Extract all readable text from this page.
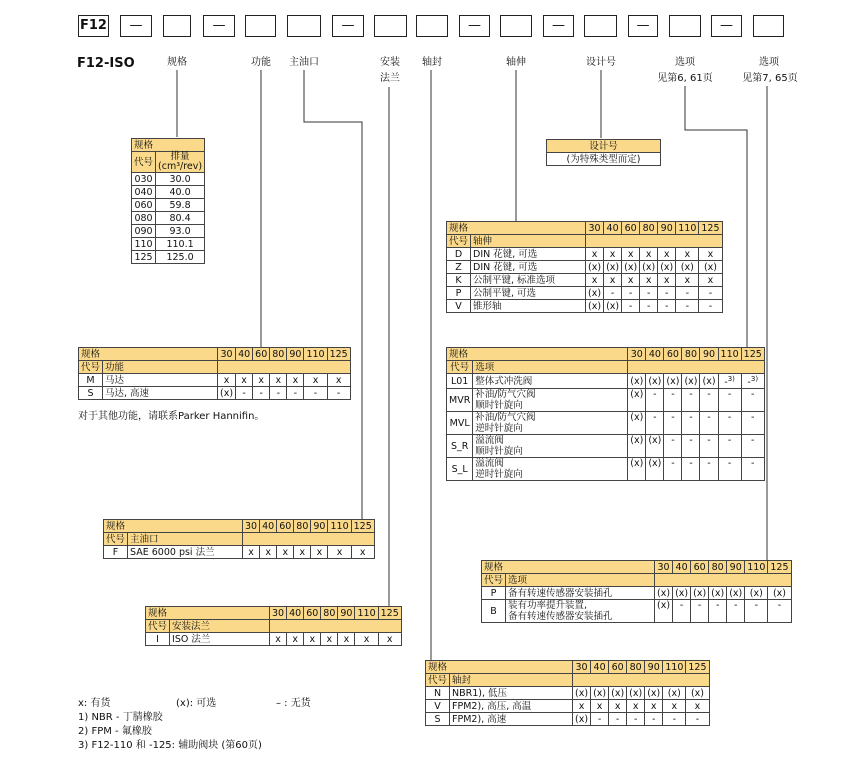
F12	—	—	—	—	—	—	—
F12-ISO	规格	功能	主油口	安装
法兰
轴封	轴伸	设计号	选项
见第6, 61页
选项
见第7, 65页
规格	
代号	排量
(cm³/rev)

030	30.0
040	40.0
060	59.8
080	80.4
090	93.0
110	110.1
125	125.0
设计号
(为特殊类型而定)
规格		30	40	60	80	90	110	125
代号	功能							
M	马达	x	x	x	x	x	x	x
S	马达, 高速	(x)	-	-	-	-	-	-
规格		30	40	60	80	90	110	125
代号	主油口							
F	SAE 6000 psi 法兰	x	x	x	x	x	x	x
规格		30	40	60	80	90	110	125
代号	安装法兰							
I	ISO 法兰	x	x	x	x	x	x	x
规格		30	40	60	80	90	110	125
代号	轴封							
N	NBR1), 低压	(x)	(x)	(x)	(x)	(x)	(x)	(x)
V	FPM2), 高压, 高温	x	x	x	x	x	x	x
S	FPM2), 高速	(x)	-	-	-	-	-	-
规格		30	40	60	80	90	110	125
代号	轴伸							
D	DIN 花键, 可选	x	x	x	x	x	x	x
Z	DIN 花键, 可选	(x)	(x)	(x)	(x)	(x)	(x)	(x)
K	公制平键, 标准选项	x	x	x	x	x	x	x
P	公制平键, 可选	(x)	-	-	-	-	-	-
V	锥形轴	(x)	(x)	-	-	-	-	-
规格		30	40	60	80	90	110	125
代号	选项							
L01	整体式冲洗阀	(x)	(x)	(x)	(x)	(x)	-$^{3)}$	-$^{3)}$
MVR	补油/防气穴阀
顺时针旋向	(x)	-	-	-	-	-	-
MVL	补油/防气穴阀
逆时针旋向	(x)	-	-	-	-	-	-
S_R	溢流阀
顺时针旋向	(x)	(x)	-	-	-	-	-
S_L	溢流阀
逆时针旋向	(x)	(x)	-	-	-	-	-
规格		30	40	60	80	90	110	125
代号	选项							
P	备有转速传感器安装插孔	(x)	(x)	(x)	(x)	(x)	(x)	(x)
B	装有功率提升装置,
备有转速传感器安装插孔	(x)	-	-	-	-	-	-
对于其他功能，请联系Parker Hannifin。
x: 有货	(x): 可选	– : 无货
1) NBR - 丁腈橡胶
2) FPM - 氟橡胶
3) F12-110 和 -125: 辅助阀块 (第60页)
